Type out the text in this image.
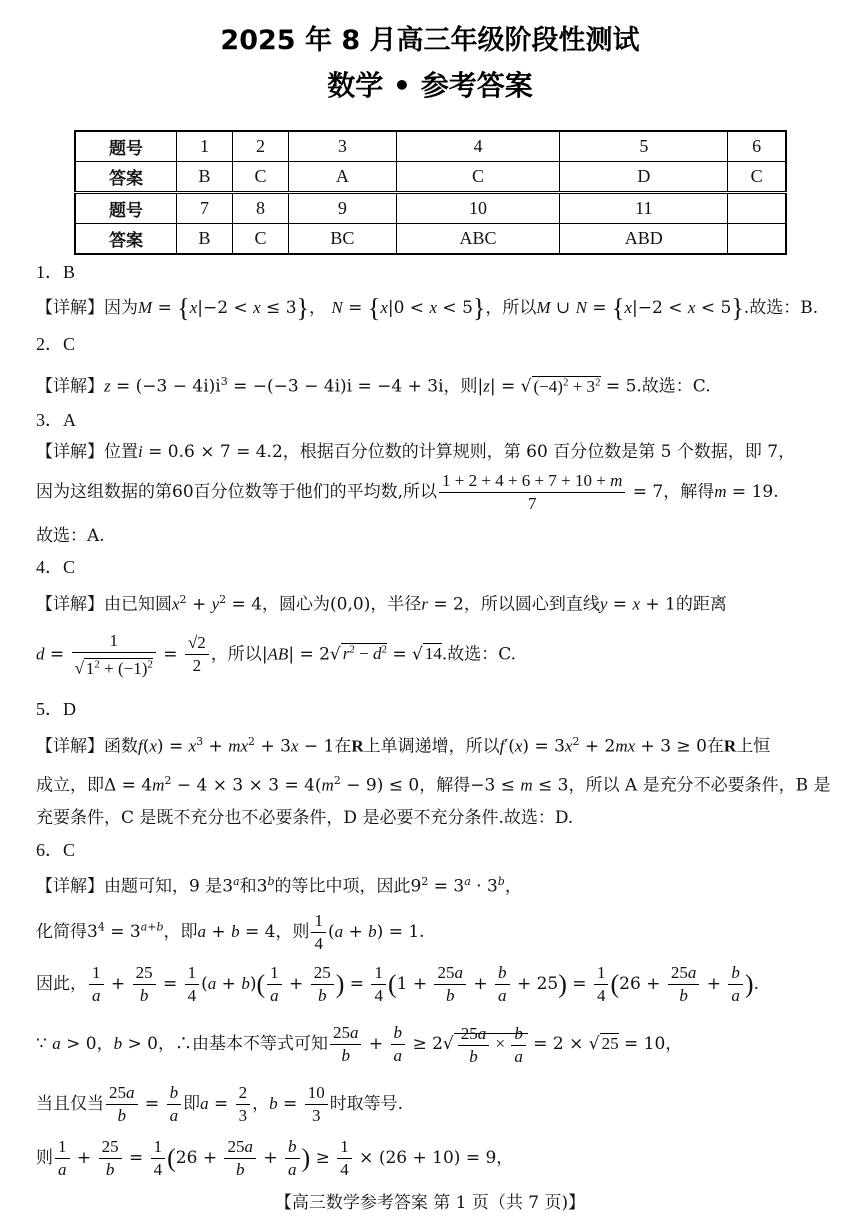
2025 年 8 月高三年级阶段性测试
数学 • 参考答案
题号	1	2	3	4	5	6
答案	B	C	A	C	D	C
题号	7	8	9	10	11	
答案	B	C	BC	ABC	ABD	
1．B
【详解】因为M = {x|−2 < x ≤ 3}， N = {x|0 < x < 5}，所以M ∪ N = {x|−2 < x < 5}.故选：B.
2．C
【详解】$z = (-3 - 4i)i^3 = -(-3 - 4i)i = -4 + 3i$，则|z| = √ $(-4)^2 + 3^2 = 5$.故选：C.
3．A
【详解】位置i = 0.6 × 7 = 4.2，根据百分位数的计算规则，第 60 百分位数是第 5 个数据，即 7，
因为这组数据的第60百分位数等于他们的平均数,所以 $\frac{1 + 2 + 4 + 6 + 7 + 10 + m}{7} = 7$，解得m = 19.
故选：A.
4．C
【详解】由已知圆$x^2 + y^2 = 4$，圆心为(0,0)，半径r = 2，所以圆心到直线y = x + 1的距离
$d = \frac{1}{√ 1^2 + (-1)^2} = \frac{√2}{2}$ ，所以|AB| = 2√ $r^2 - d^2$ = √ 14.故选：C.
5．D
【详解】函数$f(x) = x^3 + mx^2 + 3x - 1$在R上单调递增，所以$f'(x) = 3x^2 + 2mx + 3 \ge 0$在R上恒
成立，即$\Delta = 4m^2 - 4 \times 3 \times 3 = 4(m^2 - 9) \le 0$，解得−3 ≤ m ≤ 3，所以 A 是充分不必要条件，B 是
充要条件，C 是既不充分也不必要条件，D 是必要不充分条件.故选：D.
6．C
【详解】由题可知，9 是3$^a$和3$^b$的等比中项，因此$9^2 = 3^a \cdot 3^b$，
化简得$3^4 = 3^{a+b}$，即a + b = 4，则 $\frac{1}{4} (a + b) = 1$.
因此， $\frac{1}{a} + \frac{25}{b} = \frac{1}{4} (a + b)( \frac{1}{a} + \frac{25}{b}$ ) = $\frac{1}{4} (1 + \frac{25a}{b} + \frac{b}{a} + 25) = \frac{1}{4} (26 + \frac{25a}{b} + \frac{b}{a}$ ).
∵ a > 0，b > 0，∴由基本不等式可知 $\frac{25a}{b} + \frac{b}{a} \ge 2√ \frac{25a}{b} \times \frac{b}{a} = 2$ × √ 25 = 10，
当且仅当 $\frac{25a}{b} = \frac{b}{a}$ 即$a = \frac{2}{3}$ ，$b = \frac{10}{3}$ 时取等号.
则 $\frac{1}{a} + \frac{25}{b} = \frac{1}{4} (26 + \frac{25a}{b} + \frac{b}{a}$ ) ≥ $\frac{1}{4} \times (26 + 10) = 9$，
【高三数学参考答案 第 1 页（共 7 页)】
